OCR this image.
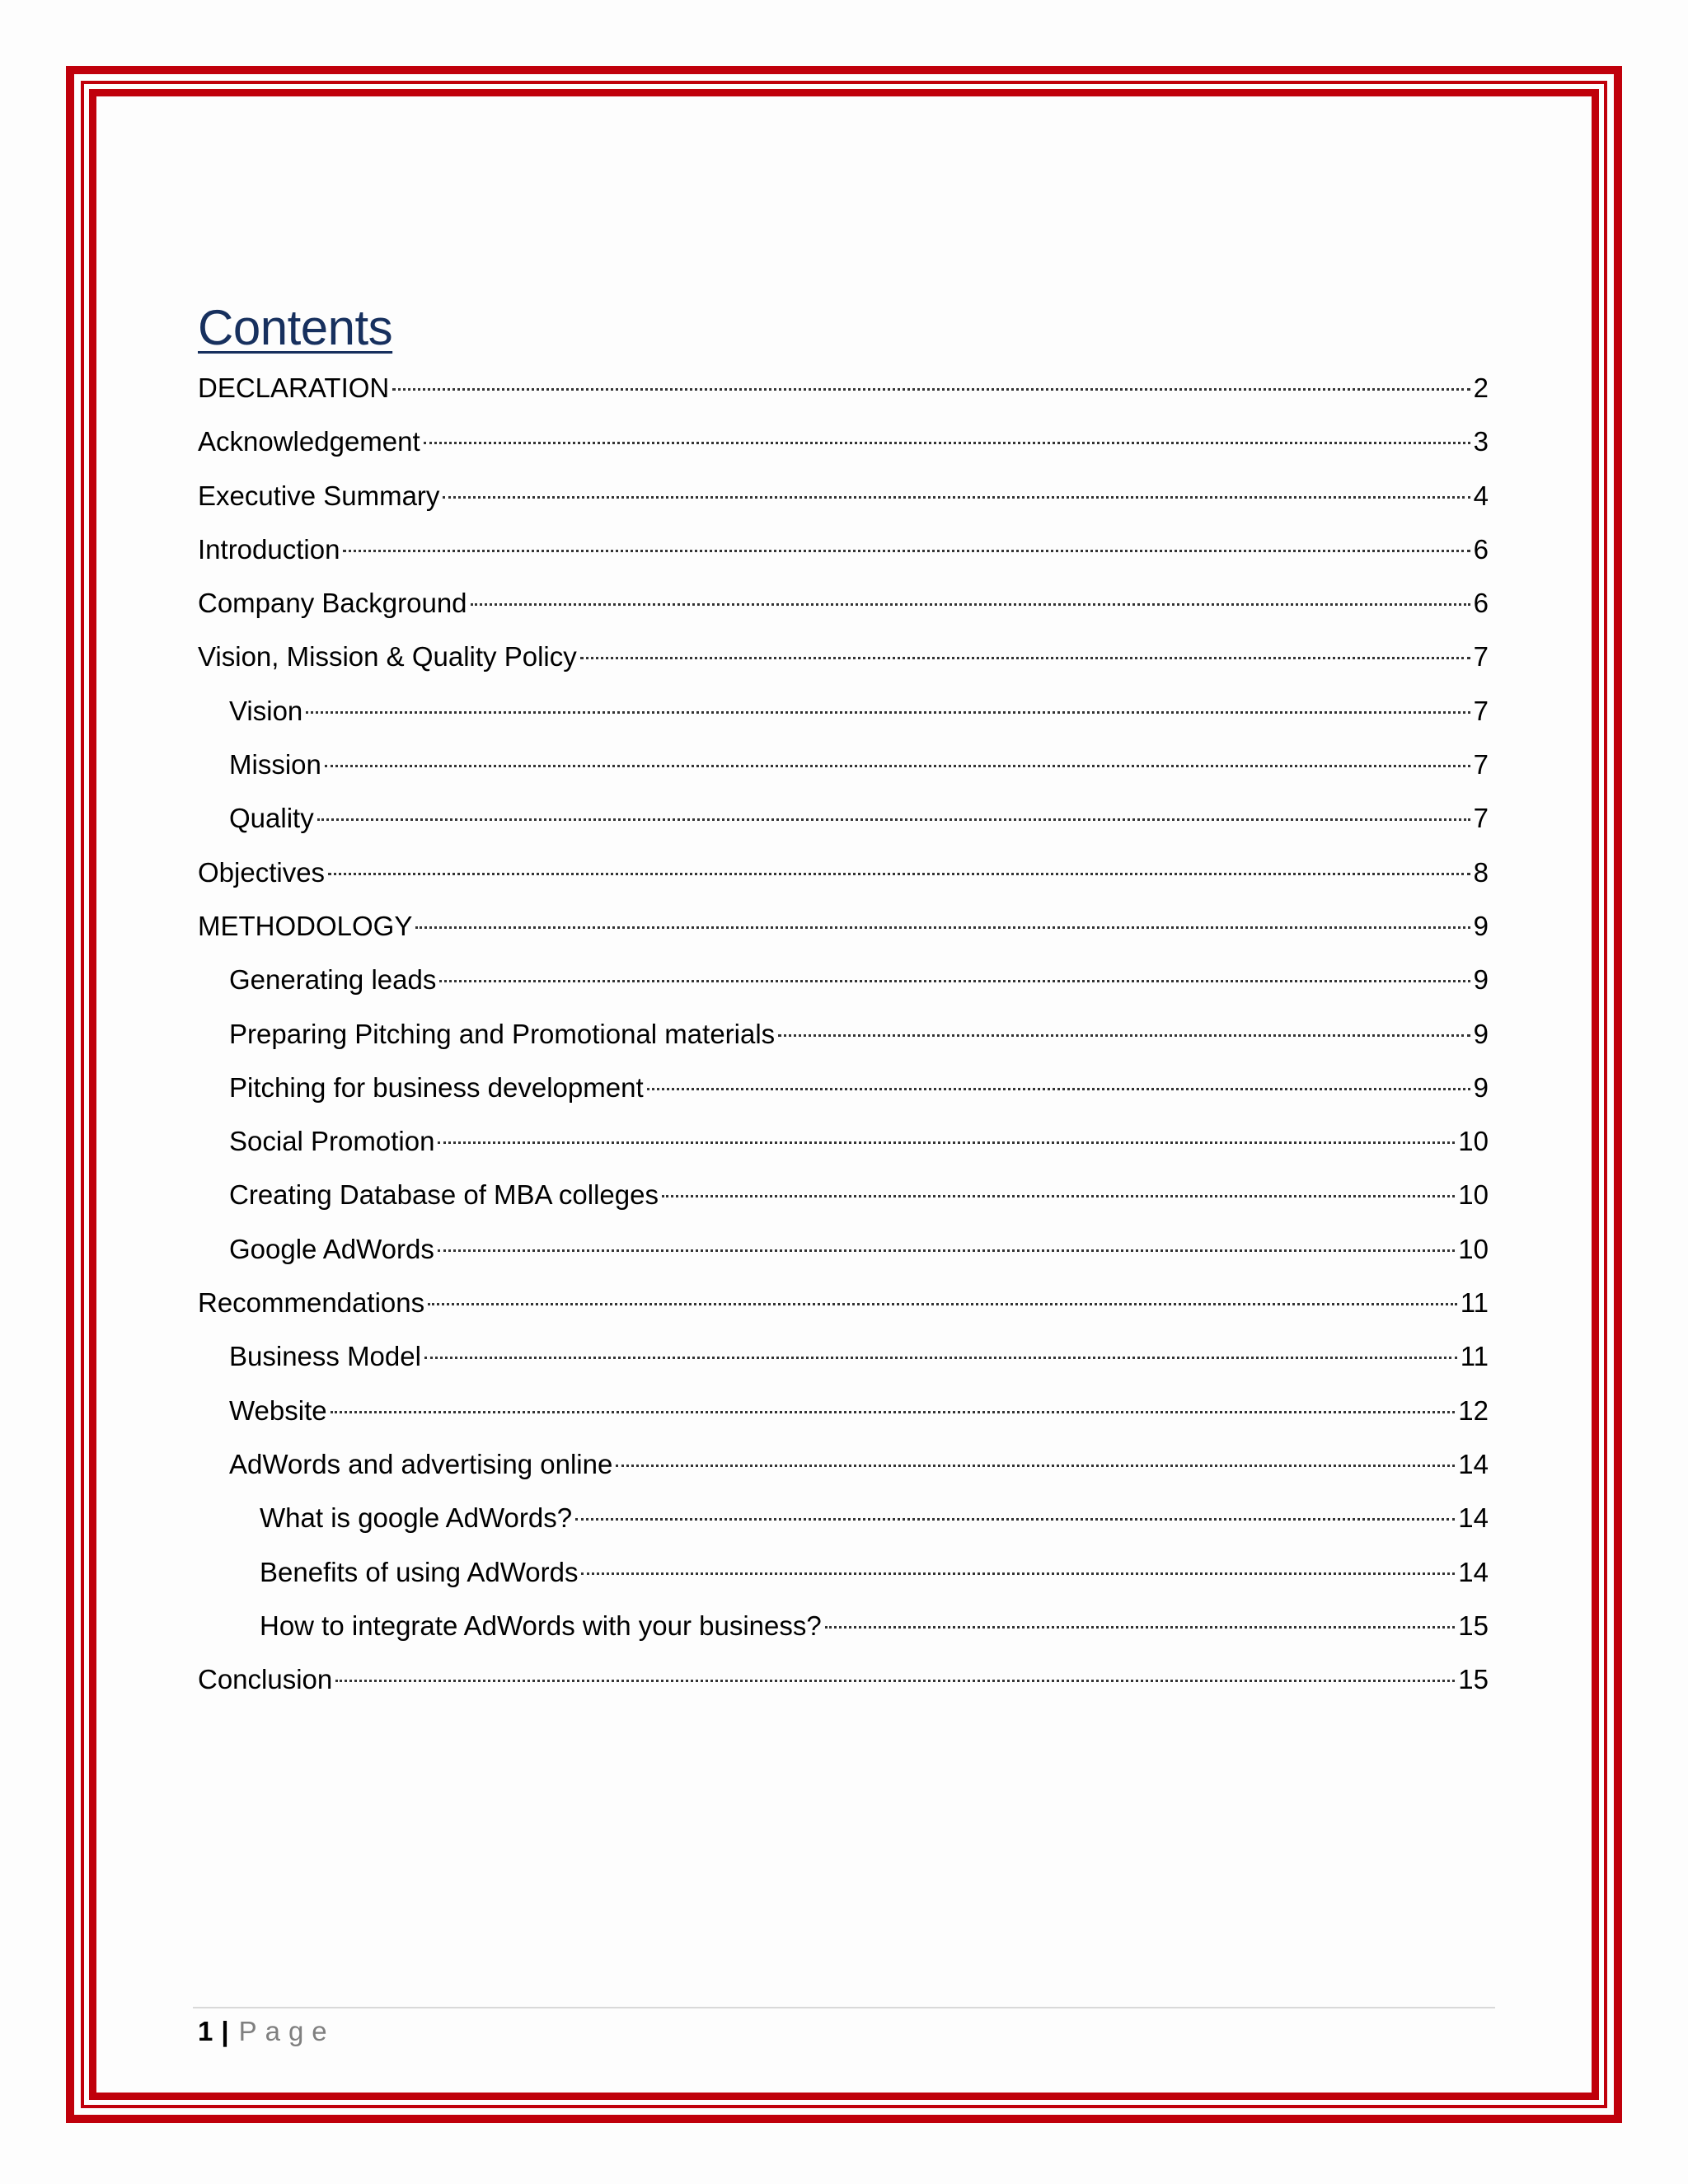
Contents
DECLARATION	2
Acknowledgement	3
Executive Summary	4
Introduction	6
Company Background	6
Vision, Mission & Quality Policy	7
Vision	7
Mission	7
Quality	7
Objectives	8
METHODOLOGY	9
Generating leads	9
Preparing Pitching and Promotional materials	9
Pitching for business development	9
Social Promotion	10
Creating Database of MBA colleges	10
Google AdWords	10
Recommendations	11
Business Model	11
Website	12
AdWords and advertising online	14
What is google AdWords?	14
Benefits of using AdWords	14
How to integrate AdWords with your business?	15
Conclusion	15
1 | Page
